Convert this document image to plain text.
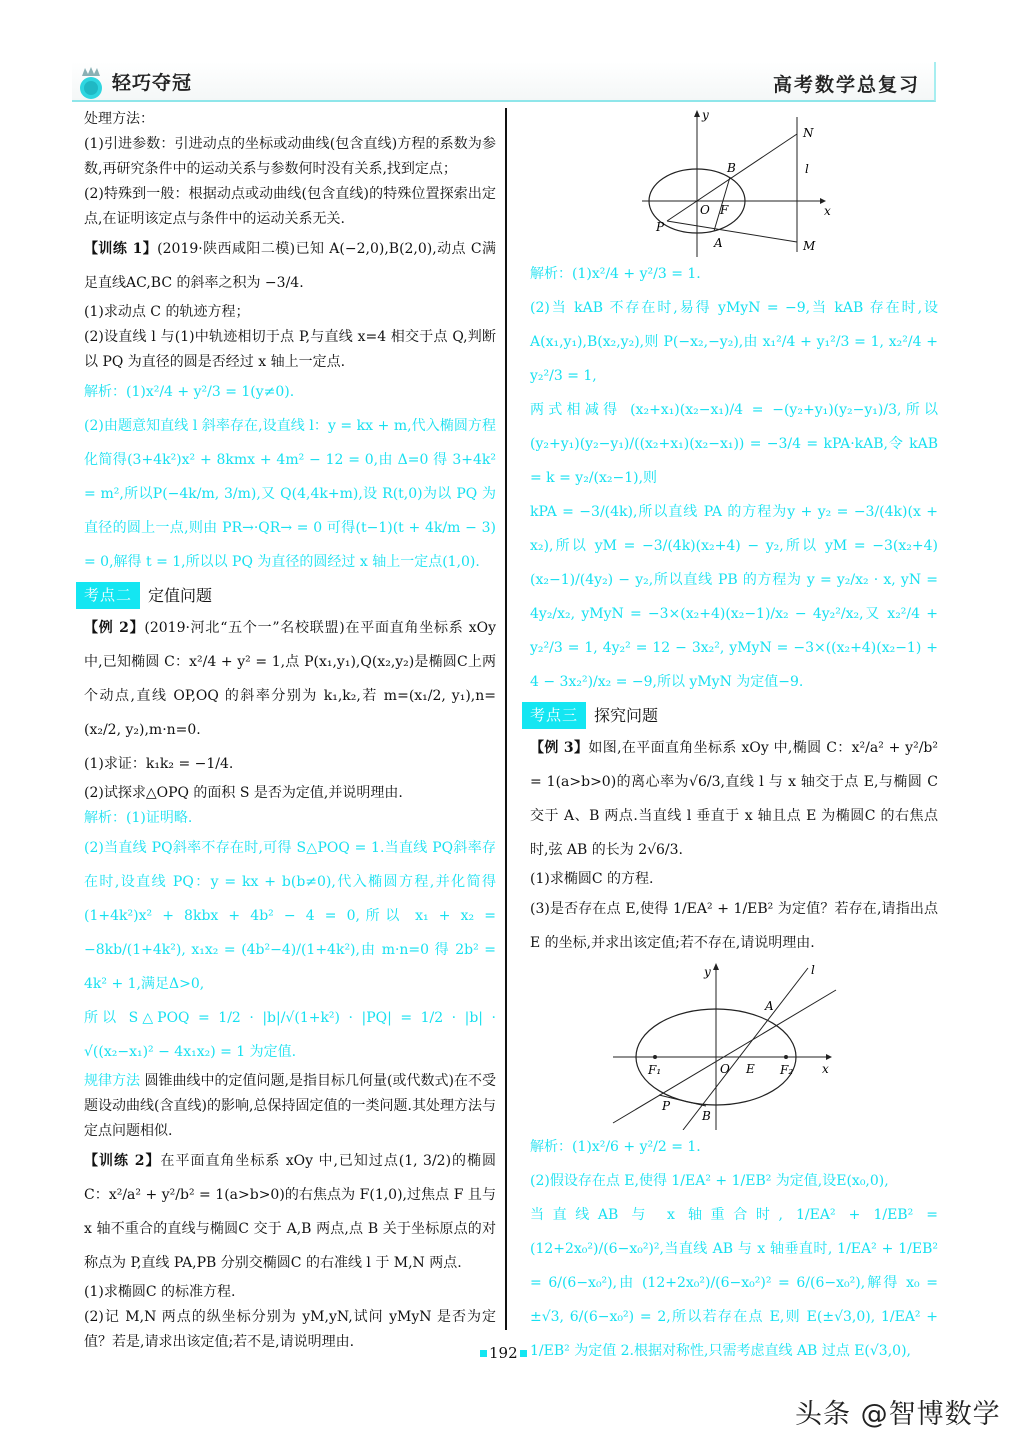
轻巧夺冠	高考数学总复习

处理方法：

(1)引进参数：引进动点的坐标或动曲线(包含直线)方程的系数为参数,再研究条件中的运动关系与参数何时没有关系,找到定点；

(2)特殊到一般：根据动点或动曲线(包含直线)的特殊位置探索出定点,在证明该定点与条件中的运动关系无关.

【训练 1】(2019·陕西咸阳二模)已知 A(−2,0),B(2,0),动点 C满足直线AC,BC 的斜率之积为 −3/4.

(1)求动点 C 的轨迹方程；

(2)设直线 l 与(1)中轨迹相切于点 P,与直线 x=4 相交于点 Q,判断以 PQ 为直径的圆是否经过 x 轴上一定点.

解析：(1)x²/4 + y²/3 = 1(y≠0).

(2)由题意知直线 l 斜率存在,设直线 l：y = kx + m,代入椭圆方程化简得(3+4k²)x² + 8kmx + 4m² − 12 = 0,由 Δ=0 得 3+4k² = m²,所以P(−4k/m, 3/m),又 Q(4,4k+m),设 R(t,0)为以 PQ 为直径的圆上一点,则由 PR→·QR→ = 0 可得(t−1)(t + 4k/m − 3) = 0,解得 t = 1,所以以 PQ 为直径的圆经过 x 轴上一定点(1,0).

考点二	定值问题

【例 2】(2019·河北“五个一”名校联盟)在平面直角坐标系 xOy 中,已知椭圆 C：x²/4 + y² = 1,点 P(x₁,y₁),Q(x₂,y₂)是椭圆C上两个动点,直线 OP,OQ 的斜率分别为 k₁,k₂,若 m=(x₁/2, y₁),n=(x₂/2, y₂),m·n=0.

(1)求证：k₁k₂ = −1/4.

(2)试探求△OPQ 的面积 S 是否为定值,并说明理由.

解析：(1)证明略.

(2)当直线 PQ斜率不存在时,可得 S△POQ = 1.当直线 PQ斜率存在时,设直线 PQ：y = kx + b(b≠0),代入椭圆方程,并化简得(1+4k²)x² + 8kbx + 4b² − 4 = 0,所以 x₁ + x₂ = −8kb/(1+4k²), x₁x₂ = (4b²−4)/(1+4k²),由 m·n=0 得 2b² = 4k² + 1,满足Δ>0,

所以 S△POQ = 1/2 · |b|/√(1+k²) · |PQ| = 1/2 · |b| · √((x₂−x₁)² − 4x₁x₂) = 1 为定值.

规律方法 圆锥曲线中的定值问题,是指目标几何量(或代数式)在不受题设动曲线(含直线)的影响,总保持固定值的一类问题.其处理方法与定点问题相似.

【训练 2】在平面直角坐标系 xOy 中,已知过点(1, 3/2)的椭圆 C：x²/a² + y²/b² = 1(a>b>0)的右焦点为 F(1,0),过焦点 F 且与 x 轴不重合的直线与椭圆C 交于 A,B 两点,点 B 关于坐标原点的对称点为 P,直线 PA,PB 分别交椭圆C 的右准线 l 于 M,N 两点.

(1)求椭圆C 的标准方程.

(2)记 M,N 两点的纵坐标分别为 yM,yN,试问 yMyN 是否为定值？若是,请求出该定值;若不是,请说明理由.

y
x
O F
B
A
P
N
M
l

解析：(1)x²/4 + y²/3 = 1.

(2)当 kAB 不存在时,易得 yMyN = −9,当 kAB 存在时,设A(x₁,y₁),B(x₂,y₂),则 P(−x₂,−y₂),由 x₁²/4 + y₁²/3 = 1, x₂²/4 + y₂²/3 = 1,

两式相减得 (x₂+x₁)(x₂−x₁)/4 = −(y₂+y₁)(y₂−y₁)/3,所以 (y₂+y₁)(y₂−y₁)/((x₂+x₁)(x₂−x₁)) = −3/4 = kPA·kAB,令 kAB = k = y₂/(x₂−1),则

kPA = −3/(4k),所以直线 PA 的方程为y + y₂ = −3/(4k)(x + x₂),所以 yM = −3/(4k)(x₂+4) − y₂,所以 yM = −3(x₂+4)(x₂−1)/(4y₂) − y₂,所以直线 PB 的方程为 y = y₂/x₂ · x, yN = 4y₂/x₂, yMyN = −3×(x₂+4)(x₂−1)/x₂ − 4y₂²/x₂,又 x₂²/4 + y₂²/3 = 1, 4y₂² = 12 − 3x₂², yMyN = −3×((x₂+4)(x₂−1) + 4 − 3x₂²)/x₂ = −9,所以 yMyN 为定值−9.

考点三	探究问题

【例 3】如图,在平面直角坐标系 xOy 中,椭圆 C：x²/a² + y²/b² = 1(a>b>0)的离心率为√6/3,直线 l 与 x 轴交于点 E,与椭圆 C 交于 A、B 两点.当直线 l 垂直于 x 轴且点 E 为椭圆C 的右焦点时,弦 AB 的长为 2√6/3.

(1)求椭圆C 的方程.

(3)是否存在点 E,使得 1/EA² + 1/EB² 为定值？若存在,请指出点E 的坐标,并求出该定值;若不存在,请说明理由.

y
x
O E
F₁	F₂
A
B
P
l

解析：(1)x²/6 + y²/2 = 1.

(2)假设存在点 E,使得 1/EA² + 1/EB² 为定值,设E(x₀,0),

当直线AB 与 x 轴重合时, 1/EA² + 1/EB² = (12+2x₀²)/(6−x₀²)²,当直线 AB 与 x 轴垂直时, 1/EA² + 1/EB² = 6/(6−x₀²),由 (12+2x₀²)/(6−x₀²)² = 6/(6−x₀²),解得 x₀ = ±√3, 6/(6−x₀²) = 2,所以若存在点 E,则 E(±√3,0), 1/EA² + 1/EB² 为定值 2.根据对称性,只需考虑直线 AB 过点 E(√3,0),

192
头条 @智博数学
